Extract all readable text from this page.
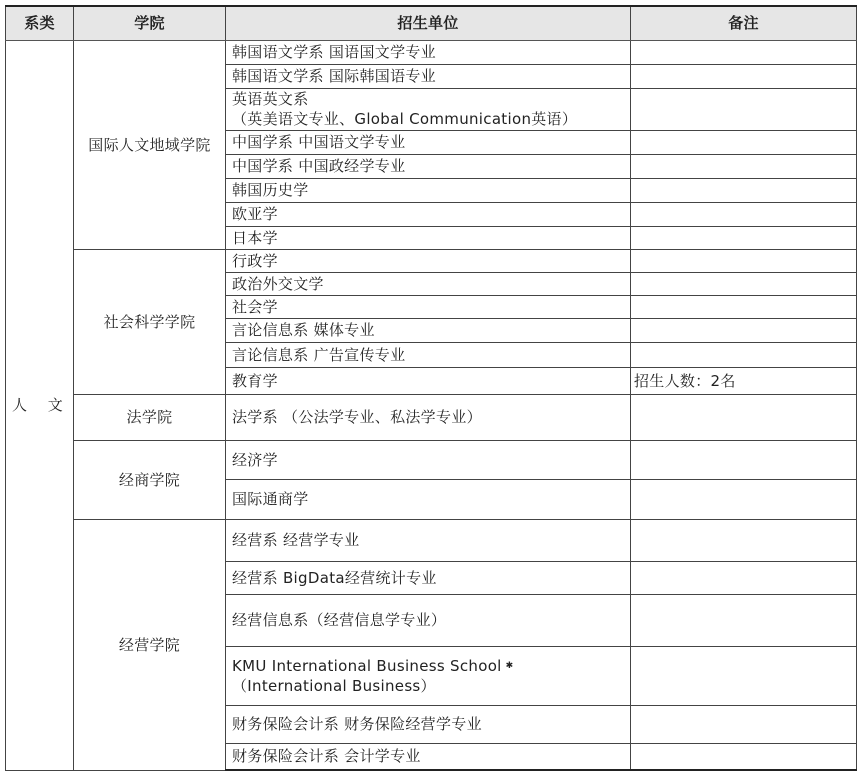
系类	学院	招生单位	备注
人 文	国际人文地域学院	韩国语文学系 国语国文学专业	
		韩国语文学系 国际韩国语专业	

		英语英文系
（英美语文专业、Global Communication英语）	

		中国学系 中国语文学专业	
		中国学系 中国政经学专业	
		韩国历史学	
		欧亚学	
		日本学	
	社会科学学院	行政学	
		政治外交文学	
		社会学	
		言论信息系 媒体专业	
		言论信息系 广告宣传专业	
		教育学	招生人数：2名
	法学院	法学系 （公法学专业、私法学专业）	
	经商学院	经济学	
		国际通商学	
	经营学院	经营系 经营学专业	
		经营系 BigData经营统计专业	
		经营信息系（经营信息学专业）	

		KMU International Business School ✱
（International Business）	

		财务保险会计系 财务保险经营学专业	
		财务保险会计系 会计学专业	
